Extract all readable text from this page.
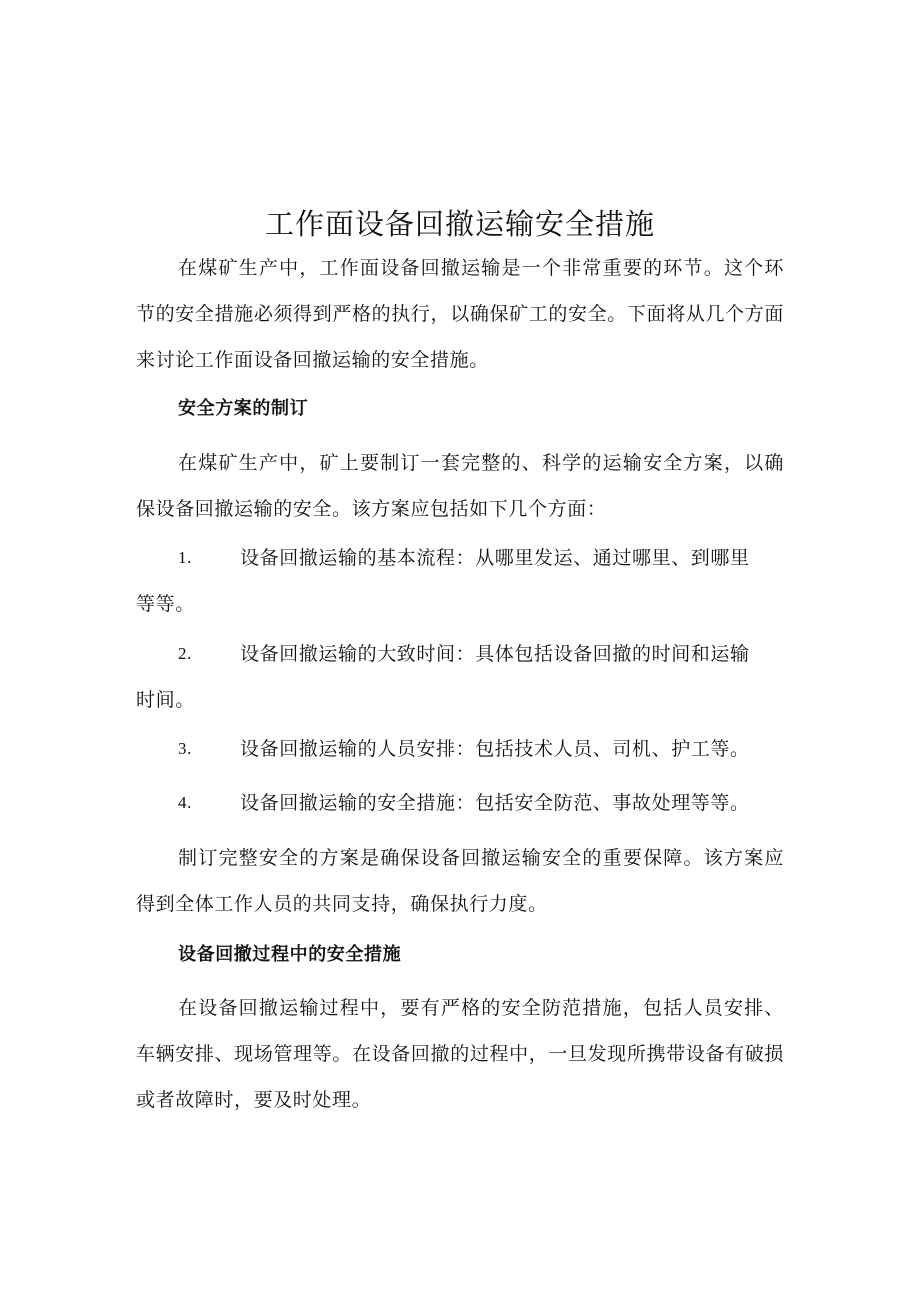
工作面设备回撤运输安全措施

在煤矿生产中，工作面设备回撤运输是一个非常重要的环节。这个环节的安全措施必须得到严格的执行，以确保矿工的安全。下面将从几个方面来讨论工作面设备回撤运输的安全措施。

安全方案的制订

在煤矿生产中，矿上要制订一套完整的、科学的运输安全方案，以确保设备回撤运输的安全。该方案应包括如下几个方面：

1.	设备回撤运输的基本流程：从哪里发运、通过哪里、到哪里等等。
2.	设备回撤运输的大致时间：具体包括设备回撤的时间和运输时间。
3.	设备回撤运输的人员安排：包括技术人员、司机、护工等。
4.	设备回撤运输的安全措施：包括安全防范、事故处理等等。

制订完整安全的方案是确保设备回撤运输安全的重要保障。该方案应得到全体工作人员的共同支持，确保执行力度。

设备回撤过程中的安全措施

在设备回撤运输过程中，要有严格的安全防范措施，包括人员安排、车辆安排、现场管理等。在设备回撤的过程中，一旦发现所携带设备有破损或者故障时，要及时处理。
